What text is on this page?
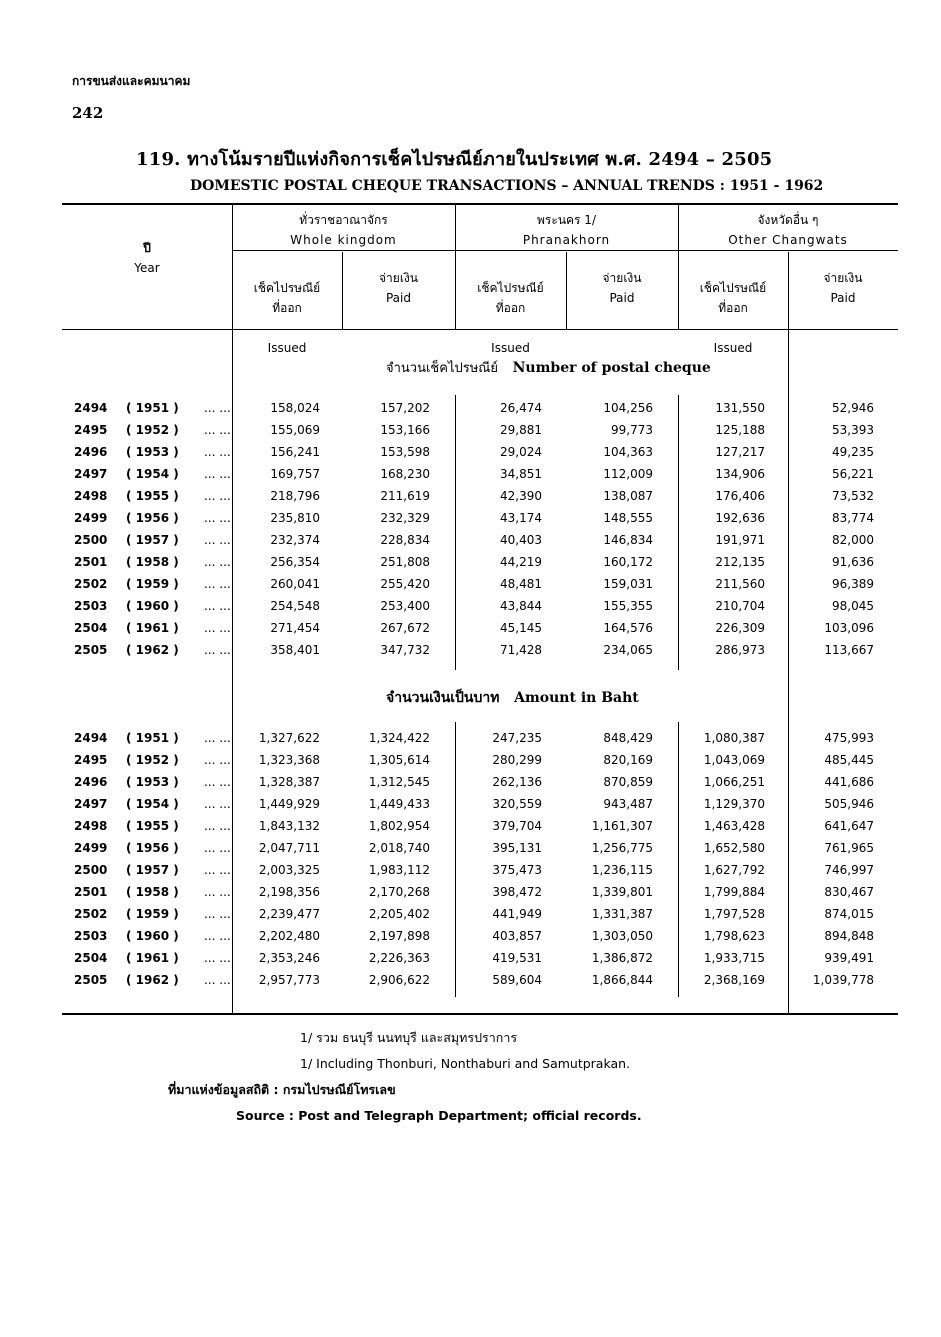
การขนส่งและคมนาคม
242
119. ทางโน้มรายปีแห่งกิจการเช็คไปรษณีย์ภายในประเทศ พ.ศ. 2494 – 2505
DOMESTIC POSTAL CHEQUE TRANSACTIONS – ANNUAL TRENDS : 1951 - 1962
ปี
Year
ทั่วราชอาณาจักร
Whole kingdom
พระนคร 1/
Phranakhorn
จังหวัดอื่น ๆ
Other Changwats

เช็คไปรษณีย์
ที่ออก

Issued

จ่ายเงิน
Paid

เช็คไปรษณีย์
ที่ออก

Issued

จ่ายเงิน
Paid

เช็คไปรษณีย์
ที่ออก

Issued

จ่ายเงิน
Paid
จำนวนเช็คไปรษณีย์ Number of postal cheque
2494 ( 1951 ) ... ...	158,024	157,202	26,474	104,256	131,550	52,946
2495 ( 1952 ) ... ...	155,069	153,166	29,881	99,773	125,188	53,393
2496 ( 1953 ) ... ...	156,241	153,598	29,024	104,363	127,217	49,235
2497 ( 1954 ) ... ...	169,757	168,230	34,851	112,009	134,906	56,221
2498 ( 1955 ) ... ...	218,796	211,619	42,390	138,087	176,406	73,532
2499 ( 1956 ) ... ...	235,810	232,329	43,174	148,555	192,636	83,774
2500 ( 1957 ) ... ...	232,374	228,834	40,403	146,834	191,971	82,000
2501 ( 1958 ) ... ...	256,354	251,808	44,219	160,172	212,135	91,636
2502 ( 1959 ) ... ...	260,041	255,420	48,481	159,031	211,560	96,389
2503 ( 1960 ) ... ...	254,548	253,400	43,844	155,355	210,704	98,045
2504 ( 1961 ) ... ...	271,454	267,672	45,145	164,576	226,309	103,096
2505 ( 1962 ) ... ...	358,401	347,732	71,428	234,065	286,973	113,667
จำนวนเงินเป็นบาท Amount in Baht
2494 ( 1951 ) ... ... 1,327,622	1,324,422	247,235	848,429	1,080,387	475,993
2495 ( 1952 ) ... ... 1,323,368	1,305,614	280,299	820,169	1,043,069	485,445
2496 ( 1953 ) ... ... 1,328,387	1,312,545	262,136	870,859	1,066,251	441,686
2497 ( 1954 ) ... ... 1,449,929	1,449,433	320,559	943,487	1,129,370	505,946
2498 ( 1955 ) ... ... 1,843,132	1,802,954	379,704	1,161,307	1,463,428	641,647
2499 ( 1956 ) ... ... 2,047,711	2,018,740	395,131	1,256,775	1,652,580	761,965
2500 ( 1957 ) ... ... 2,003,325	1,983,112	375,473	1,236,115	1,627,792	746,997
2501 ( 1958 ) ... ... 2,198,356	2,170,268	398,472	1,339,801	1,799,884	830,467
2502 ( 1959 ) ... ... 2,239,477	2,205,402	441,949	1,331,387	1,797,528	874,015
2503 ( 1960 ) ... ... 2,202,480	2,197,898	403,857	1,303,050	1,798,623	894,848
2504 ( 1961 ) ... ... 2,353,246	2,226,363	419,531	1,386,872	1,933,715	939,491
2505 ( 1962 ) ... ... 2,957,773	2,906,622	589,604	1,866,844	2,368,169	1,039,778
1/ รวม ธนบุรี นนทบุรี และสมุทรปราการ
1/ Including Thonburi, Nonthaburi and Samutprakan.
ที่มาแห่งข้อมูลสถิติ : กรมไปรษณีย์โทรเลข
Source : Post and Telegraph Department; official records.
